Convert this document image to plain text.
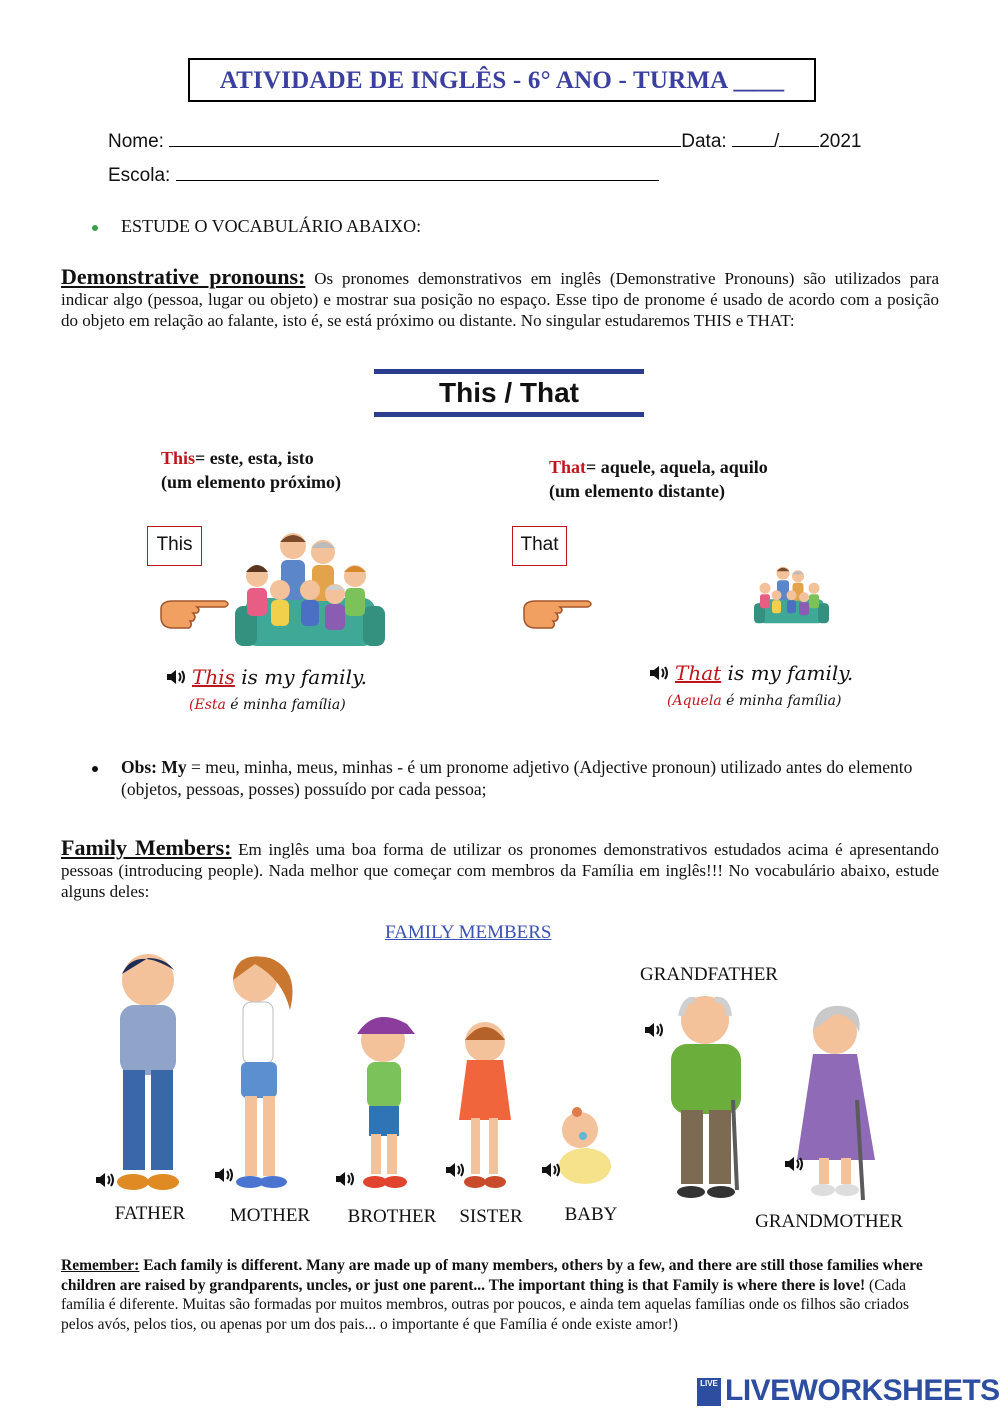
ATIVIDADE DE INGLÊS - 6° ANO - TURMA ____
Nome:	Data: / 2021
Escola:
ESTUDE O VOCABULÁRIO ABAIXO:
Demonstrative pronouns: Os pronomes demonstrativos em inglês (Demonstrative Pronouns) são utilizados para indicar algo (pessoa, lugar ou objeto) e mostrar sua posição no espaço. Esse tipo de pronome é usado de acordo com a posição do objeto em relação ao falante, isto é, se está próximo ou distante. No singular estudaremos THIS e THAT:
This / That
This= este, esta, isto
(um elemento próximo)
That= aquele, aquela, aquilo
(um elemento distante)
This	That
This is my family.
(Esta é minha família)
That is my family.
(Aquela é minha família)
Obs: My = meu, minha, meus, minhas - é um pronome adjetivo (Adjective pronoun) utilizado antes do elemento (objetos, pessoas, posses) possuído por cada pessoa;
Family Members: Em inglês uma boa forma de utilizar os pronomes demonstrativos estudados acima é apresentando pessoas (introducing people). Nada melhor que começar com membros da Família em inglês!!! No vocabulário abaixo, estude alguns deles:
FAMILY MEMBERS
FATHER	MOTHER	BROTHER	SISTER	BABY
GRANDFATHER
GRANDMOTHER
Remember: Each family is different. Many are made up of many members, others by a few, and there are still those families where children are raised by grandparents, uncles, or just one parent... The important thing is that Family is where there is love! (Cada família é diferente. Muitas são formadas por muitos membros, outras por poucos, e ainda tem aquelas famílias onde os filhos são criados pelos avós, pelos tios, ou apenas por um dos pais... o importante é que Família é onde existe amor!)
LIVE LIVEWORKSHEETS
